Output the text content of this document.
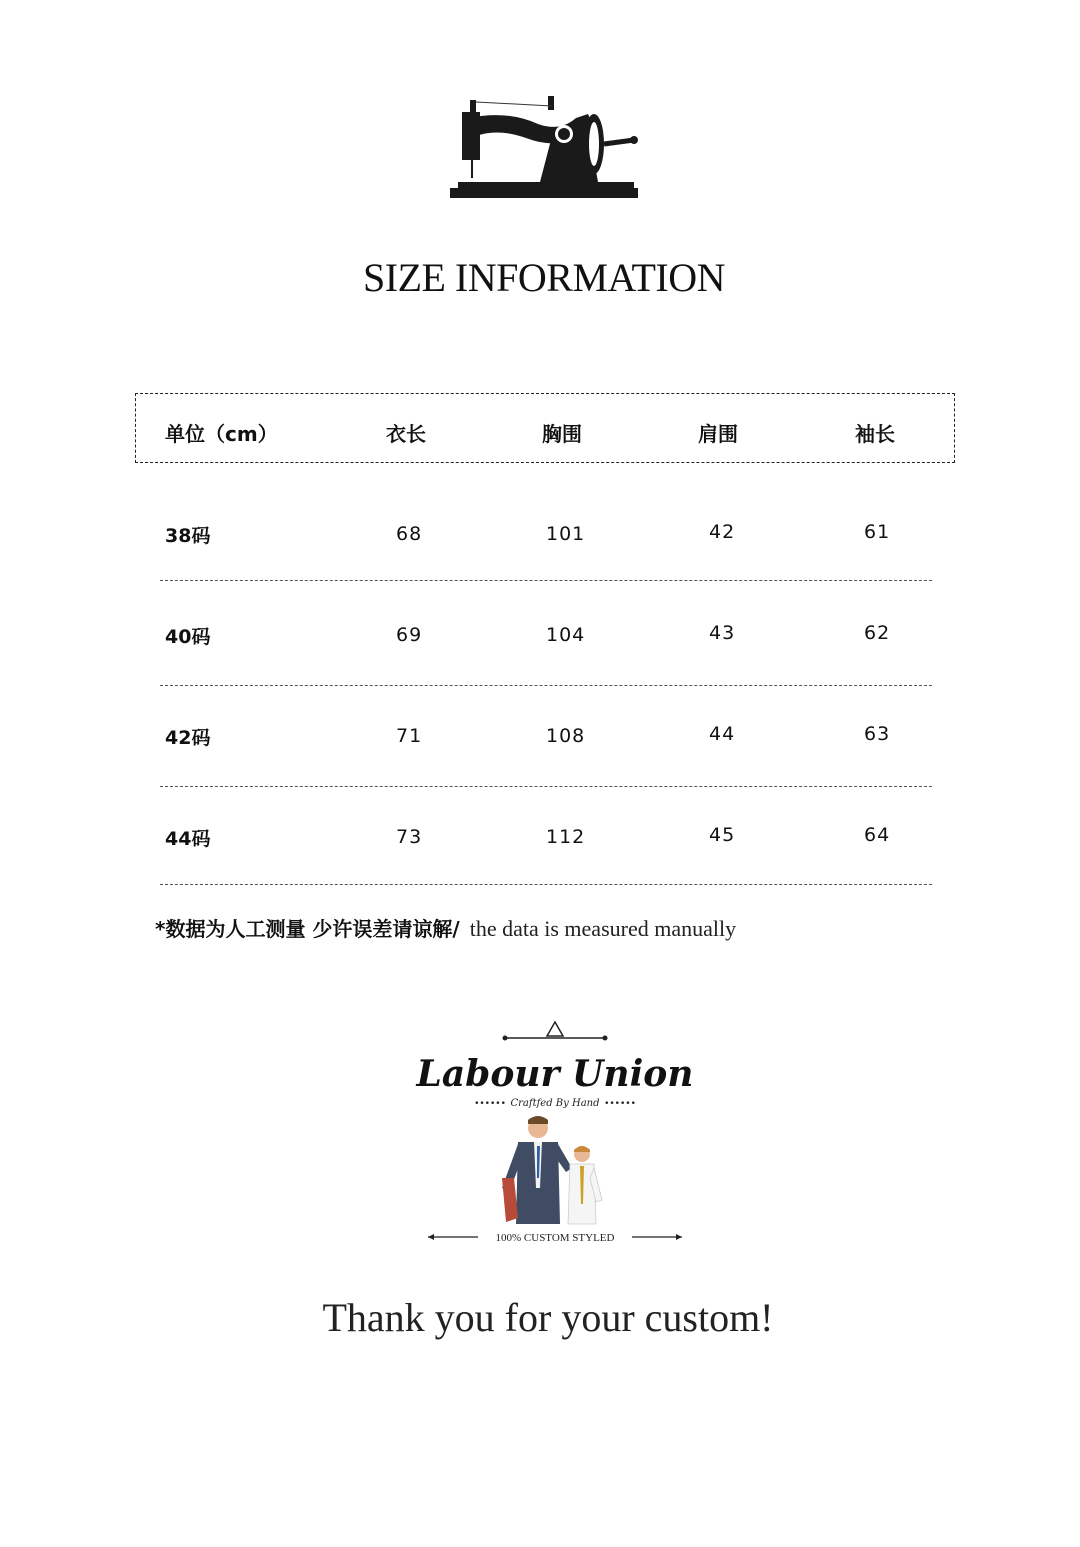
SIZE INFORMATION
单位（cm）	衣长	胸围	肩围	袖长
38码	68	101	42	61
40码	69	104	43	62
42码	71	108	44	63
44码	73	112	45	64
*数据为人工测量 少许误差请谅解/ the data is measured manually
Labour Union
••••••	••••••
Craftfed By Hand
100% CUSTOM STYLED
Thank you for your custom!
